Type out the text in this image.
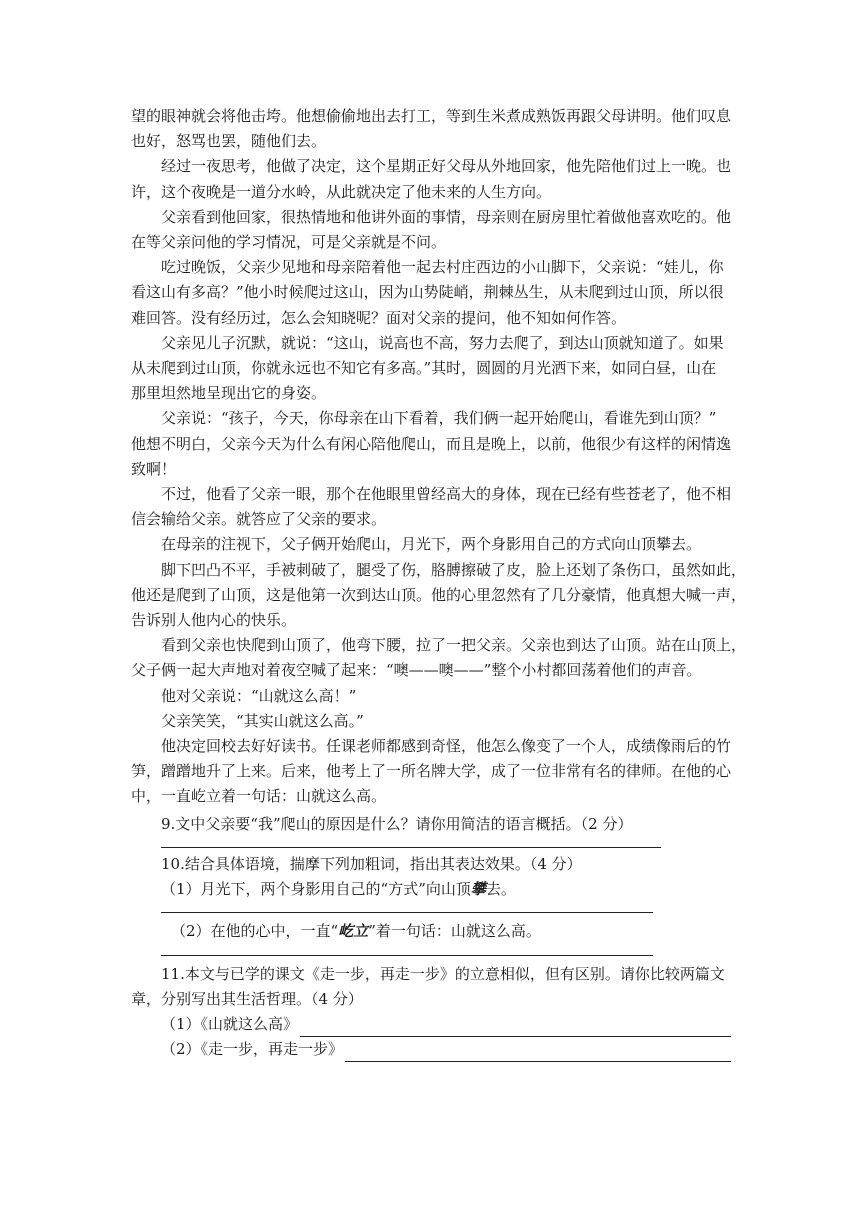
望的眼神就会将他击垮。他想偷偷地出去打工，等到生米煮成熟饭再跟父母讲明。他们叹息
也好，怒骂也罢，随他们去。
经过一夜思考，他做了决定，这个星期正好父母从外地回家，他先陪他们过上一晚。也
许，这个夜晚是一道分水岭，从此就决定了他未来的人生方向。
父亲看到他回家，很热情地和他讲外面的事情，母亲则在厨房里忙着做他喜欢吃的。他
在等父亲问他的学习情况，可是父亲就是不问。
吃过晚饭，父亲少见地和母亲陪着他一起去村庄西边的小山脚下，父亲说：“娃儿，你
看这山有多高？”他小时候爬过这山，因为山势陡峭，荆棘丛生，从未爬到过山顶，所以很
难回答。没有经历过，怎么会知晓呢？面对父亲的提问，他不知如何作答。
父亲见儿子沉默，就说：“这山，说高也不高，努力去爬了，到达山顶就知道了。如果
从未爬到过山顶，你就永远也不知它有多高。”其时，圆圆的月光洒下来，如同白昼，山在
那里坦然地呈现出它的身姿。
父亲说：“孩子，今天，你母亲在山下看着，我们俩一起开始爬山，看谁先到山顶？”
他想不明白，父亲今天为什么有闲心陪他爬山，而且是晚上，以前，他很少有这样的闲情逸
致啊！
不过，他看了父亲一眼，那个在他眼里曾经高大的身体，现在已经有些苍老了，他不相
信会输给父亲。就答应了父亲的要求。
在母亲的注视下，父子俩开始爬山，月光下，两个身影用自己的方式向山顶攀去。
脚下凹凸不平，手被刺破了，腿受了伤，胳膊擦破了皮，脸上还划了条伤口，虽然如此，
他还是爬到了山顶，这是他第一次到达山顶。他的心里忽然有了几分豪情，他真想大喊一声，
告诉别人他内心的快乐。
看到父亲也快爬到山顶了，他弯下腰，拉了一把父亲。父亲也到达了山顶。站在山顶上，
父子俩一起大声地对着夜空喊了起来：“噢——噢——”整个小村都回荡着他们的声音。
他对父亲说：“山就这么高！”
父亲笑笑，“其实山就这么高。”
他决定回校去好好读书。任课老师都感到奇怪，他怎么像变了一个人，成绩像雨后的竹
笋，蹭蹭地升了上来。后来，他考上了一所名牌大学，成了一位非常有名的律师。在他的心
中，一直屹立着一句话：山就这么高。
9.文中父亲要“我”爬山的原因是什么？请你用简洁的语言概括。（2 分）
10.结合具体语境，揣摩下列加粗词，指出其表达效果。（4 分）
（1）月光下，两个身影用自己的“方式”向山顶攀去。
（2）在他的心中，一直“屹立”着一句话：山就这么高。
11.本文与已学的课文《走一步，再走一步》的立意相似，但有区别。请你比较两篇文
章，分别写出其生活哲理。（4 分）
（1）《山就这么高》
（2）《走一步，再走一步》
